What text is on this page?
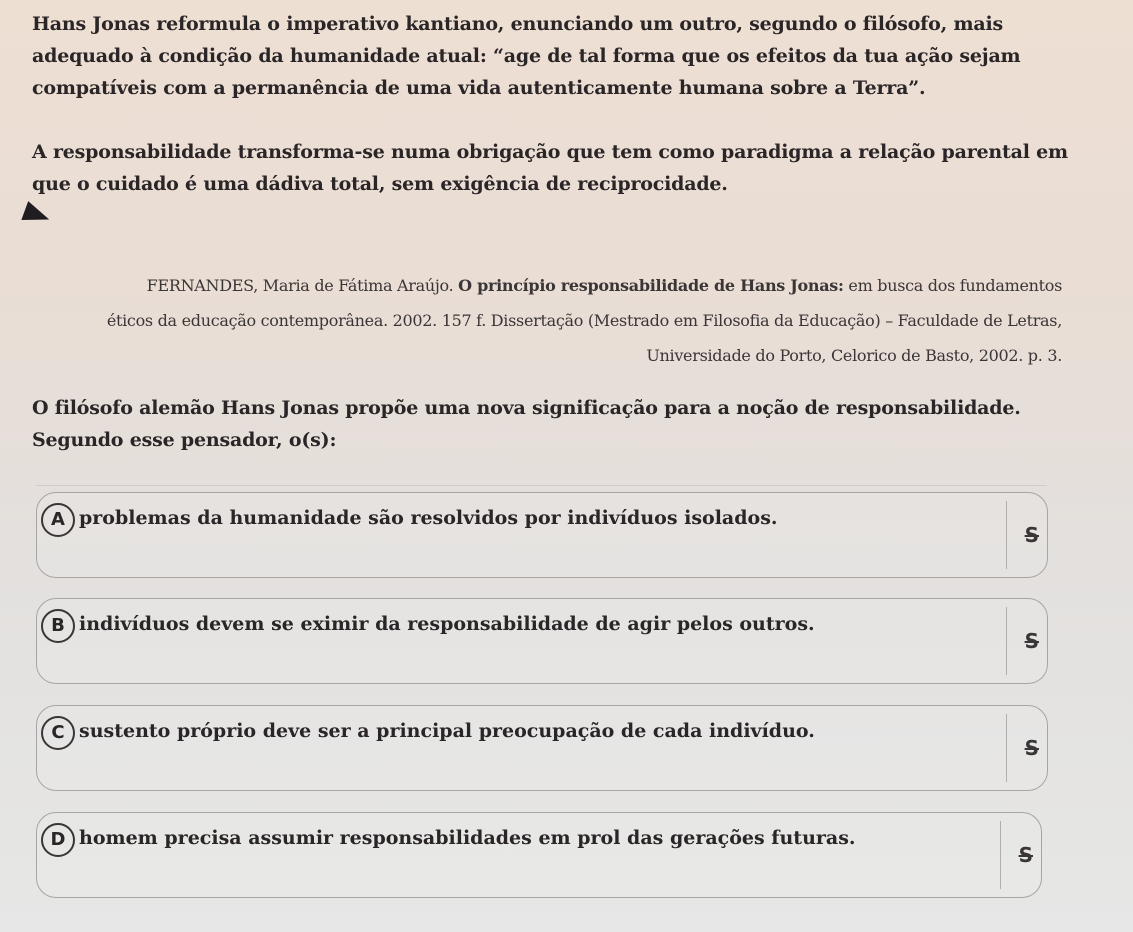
Hans Jonas reformula o imperativo kantiano, enunciando um outro, segundo o filósofo, mais adequado à condição da humanidade atual: “age de tal forma que os efeitos da tua ação sejam compatíveis com a permanência de uma vida autenticamente humana sobre a Terra”.
A responsabilidade transforma-se numa obrigação que tem como paradigma a relação parental em que o cuidado é uma dádiva total, sem exigência de reciprocidade.
FERNANDES, Maria de Fátima Araújo. O princípio responsabilidade de Hans Jonas: em busca dos fundamentos éticos da educação contemporânea. 2002. 157 f. Dissertação (Mestrado em Filosofia da Educação) – Faculdade de Letras, Universidade do Porto, Celorico de Basto, 2002. p. 3.
O filósofo alemão Hans Jonas propõe uma nova significação para a noção de responsabilidade. Segundo esse pensador, o(s):
A problemas da humanidade são resolvidos por indivíduos isolados.
S
B indivíduos devem se eximir da responsabilidade de agir pelos outros.
S
C sustento próprio deve ser a principal preocupação de cada indivíduo.
S
D homem precisa assumir responsabilidades em prol das gerações futuras.
S
